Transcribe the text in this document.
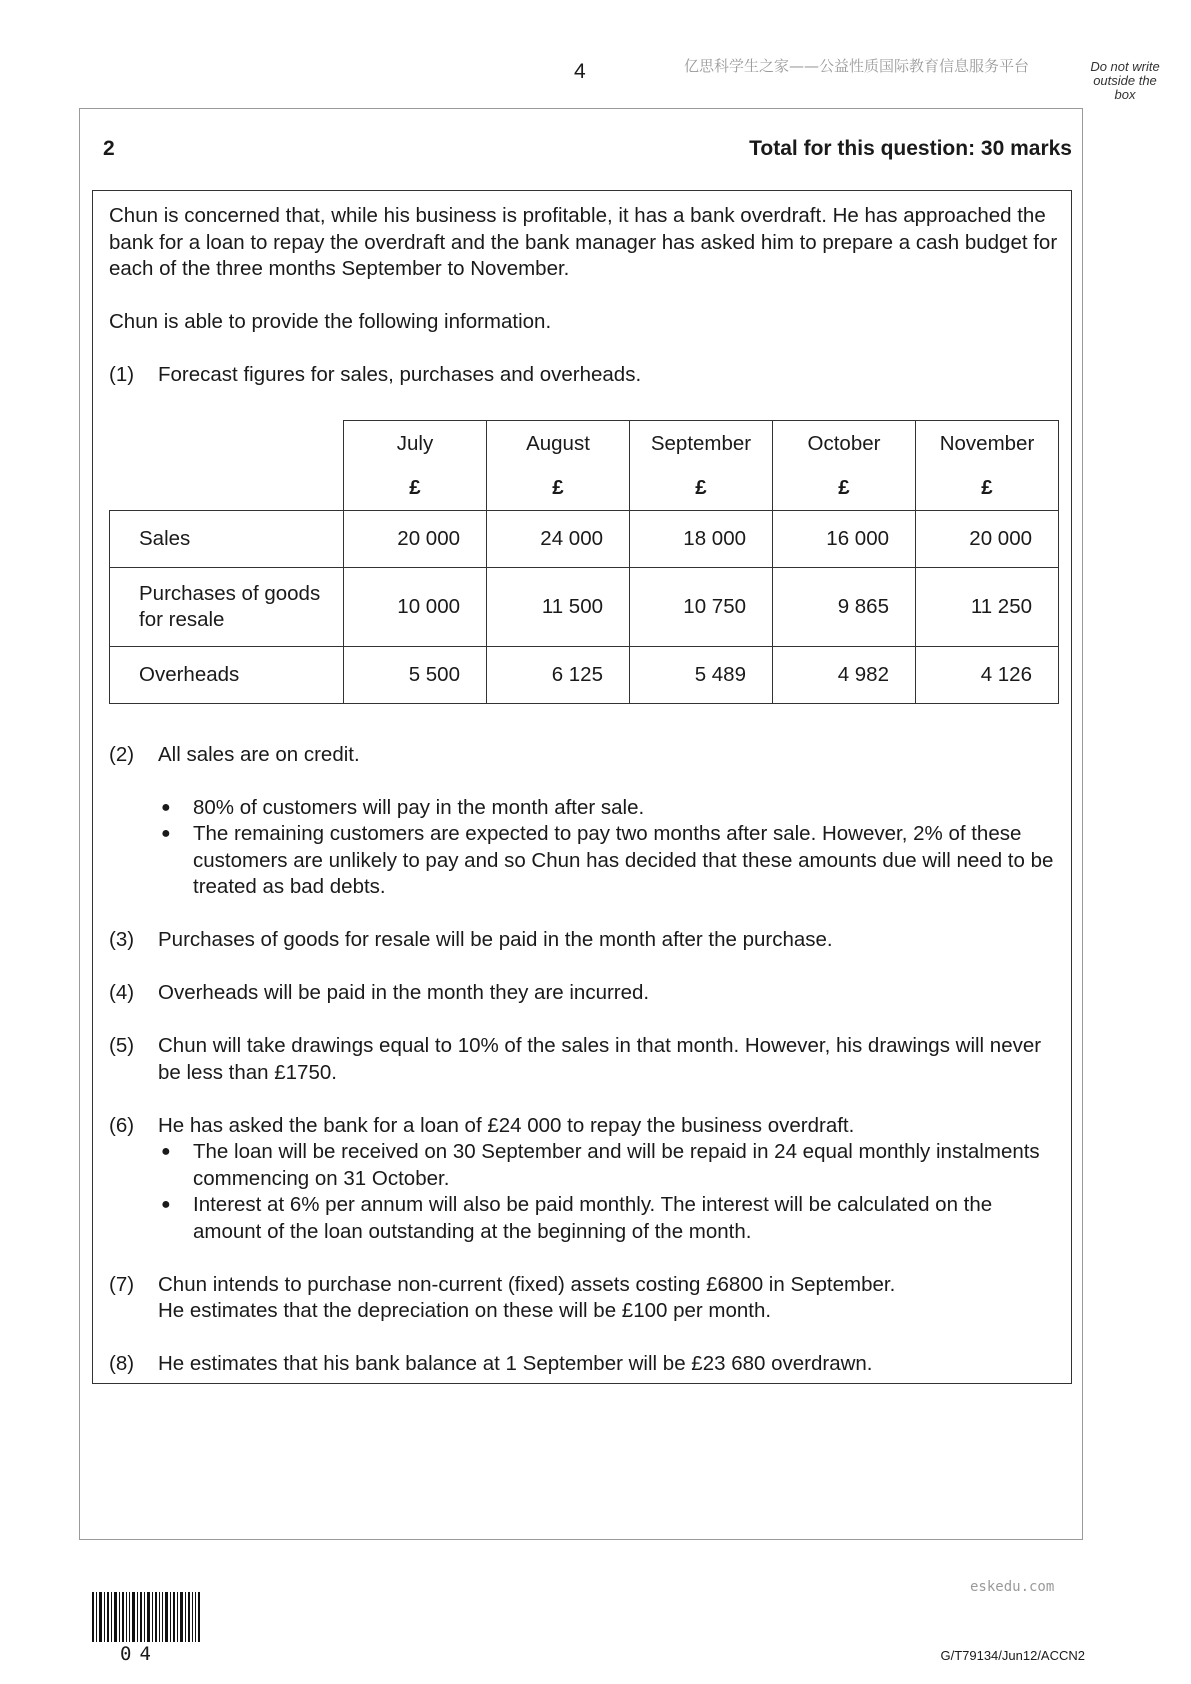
4	亿思科学生之家——公益性质国际教育信息服务平台	Do not write
outside the
box
2	Total for this question: 30 marks

Chun is concerned that, while his business is profitable, it has a bank overdraft. He has approached the bank for a loan to repay the overdraft and the bank manager has asked him to prepare a cash budget for each of the three months September to November.

Chun is able to provide the following information.

(1)	Forecast figures for sales, purchases and overheads.
(2)	All sales are on credit.

●	80% of customers will pay in the month after sale.
●	The remaining customers are expected to pay two months after sale. However, 2% of these customers are unlikely to pay and so Chun has decided that these amounts due will need to be treated as bad debts.
(3)	Purchases of goods for resale will be paid in the month after the purchase.
(4)	Overheads will be paid in the month they are incurred.
(5)	Chun will take drawings equal to 10% of the sales in that month. However, his drawings will never be less than £1750.
(6)	He has asked the bank for a loan of £24 000 to repay the business overdraft.

●	The loan will be received on 30 September and will be repaid in 24 equal monthly instalments commencing on 31 October.
●	Interest at 6% per annum will also be paid monthly. The interest will be calculated on the amount of the loan outstanding at the beginning of the month.
(7)	Chun intends to purchase non-current (fixed) assets costing £6800 in September.

He estimates that the depreciation on these will be £100 per month.

(8)	He estimates that his bank balance at 1 September will be £23 680 overdrawn.
	July	August	September	October	November
	£	£	£	£	£
Sales	20 000	24 000	18 000	16 000	20 000
Purchases of goods for resale	10 000	11 500	10 750	9 865	11 250
Overheads	5 500	6 125	5 489	4 982	4 126
04
eskedu.com
G/T79134/Jun12/ACCN2
